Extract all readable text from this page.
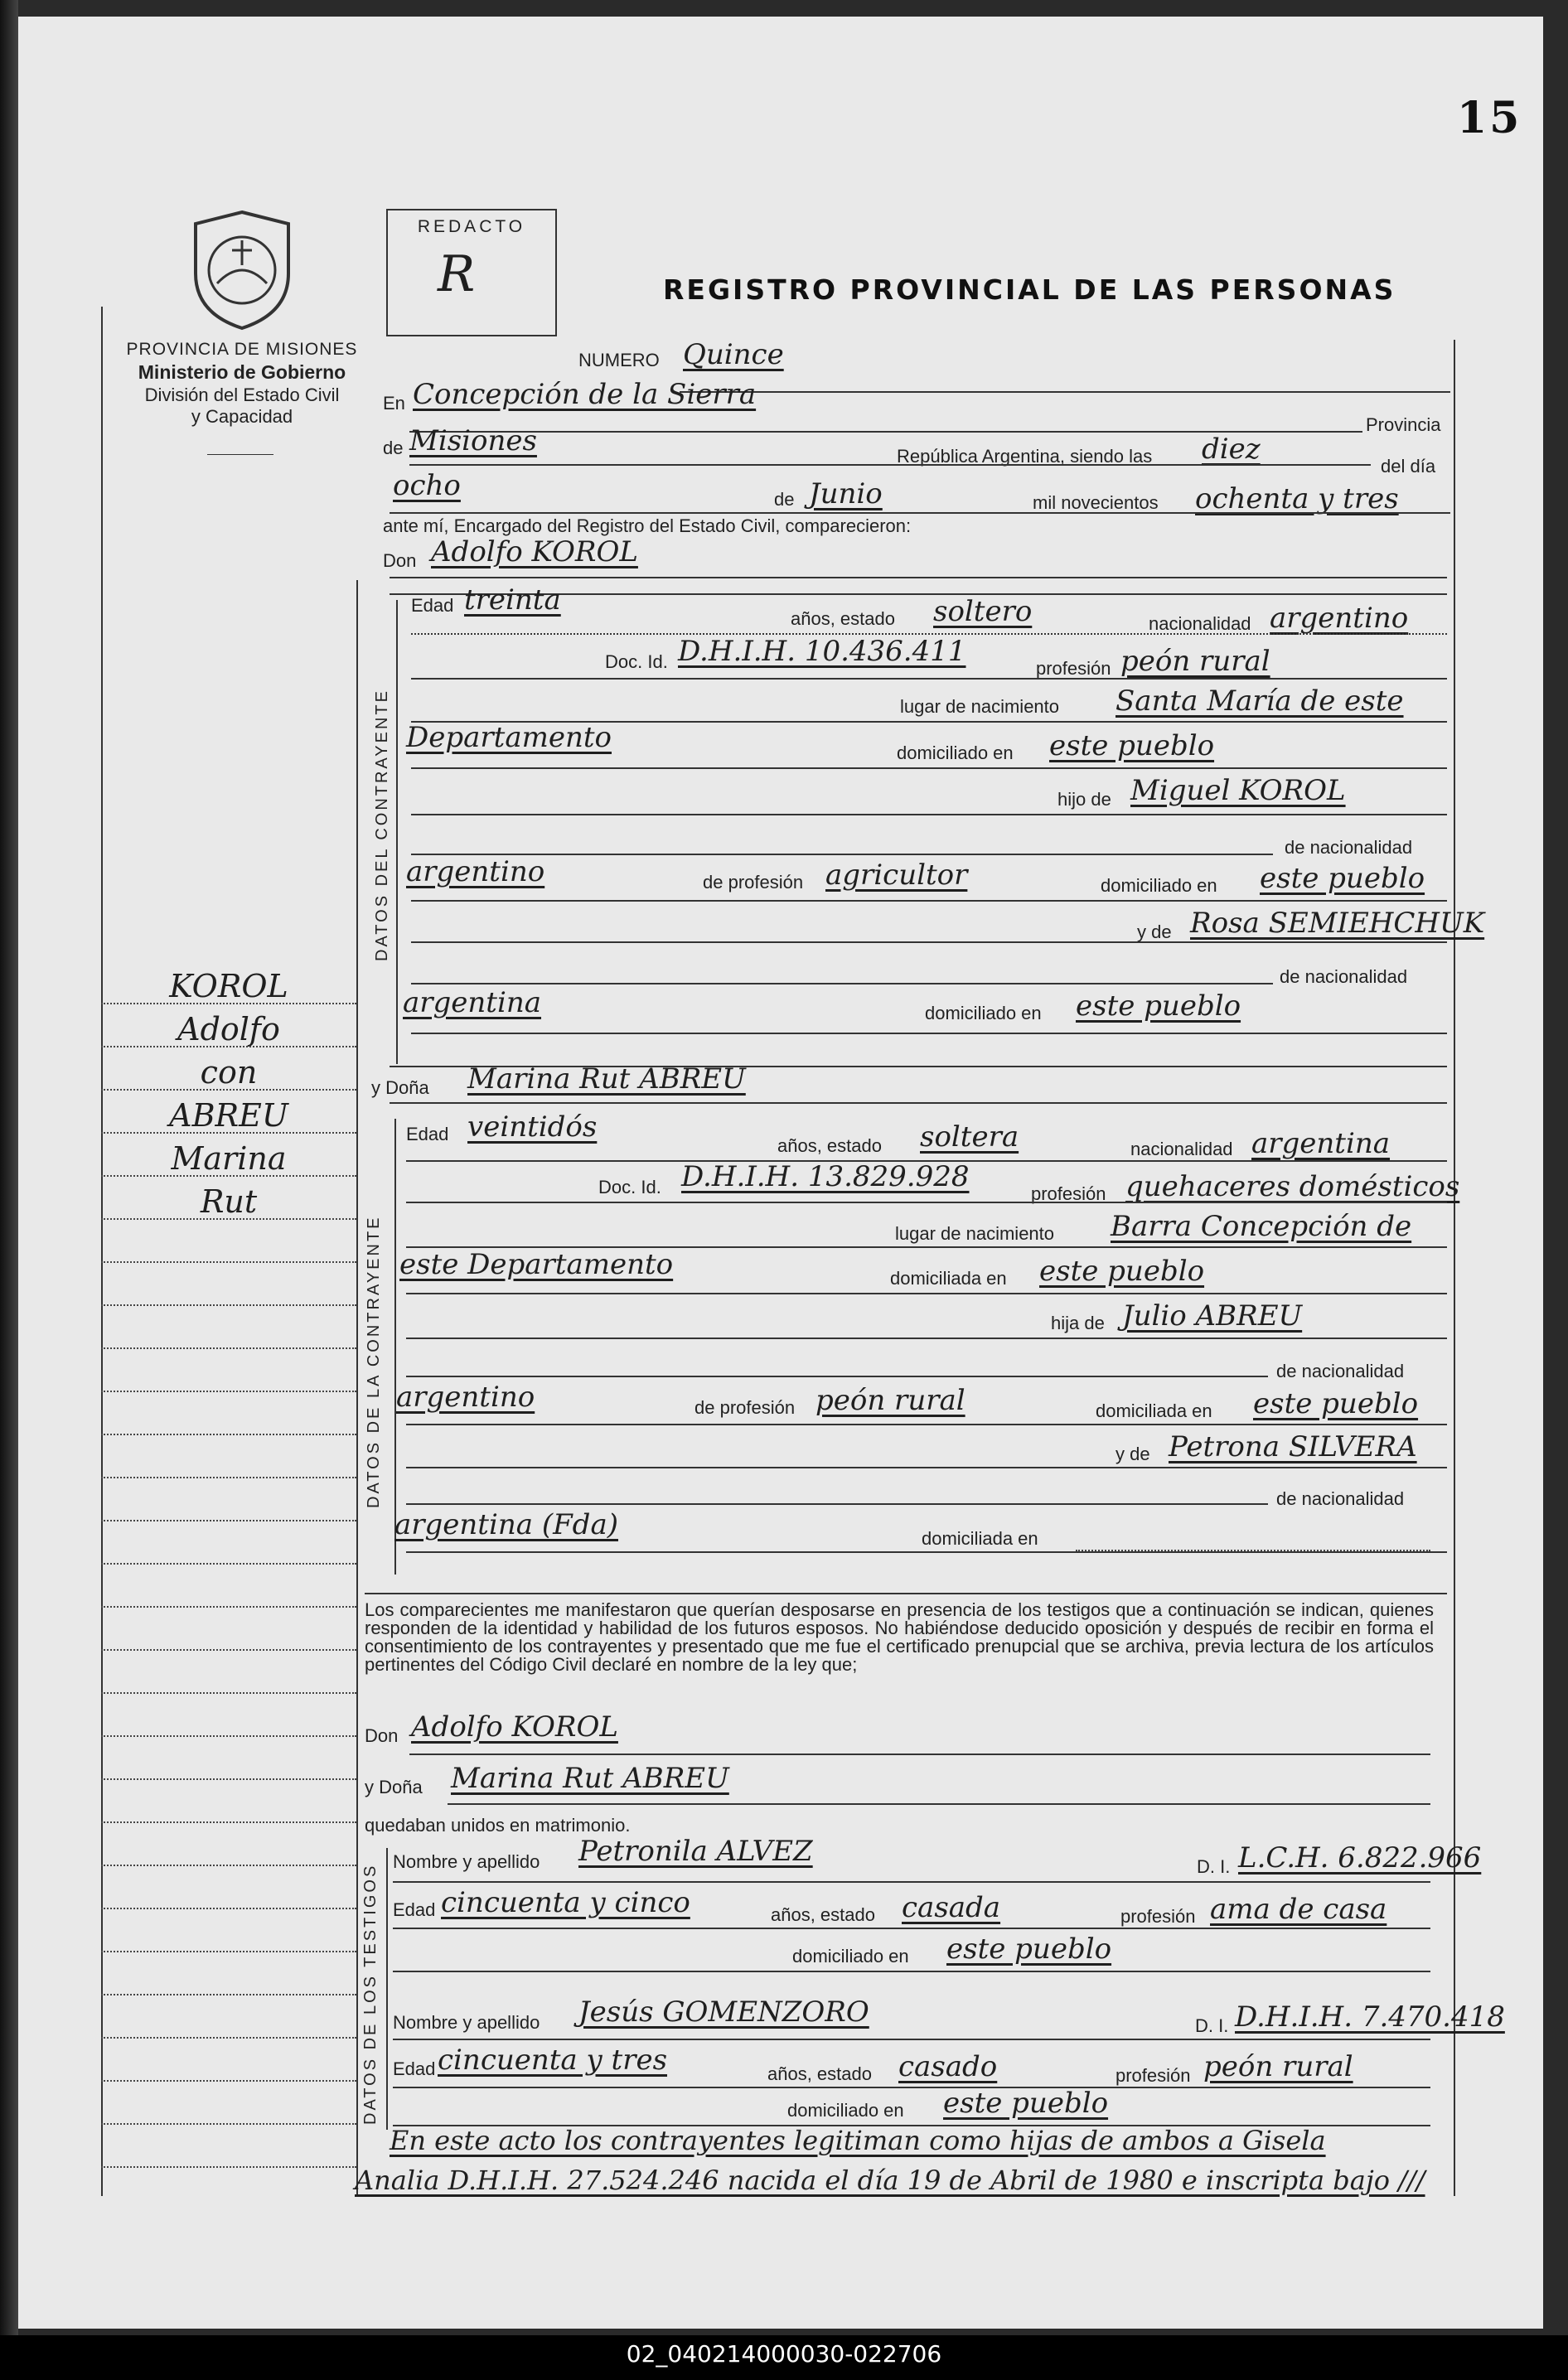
15
PROVINCIA DE MISIONES
Ministerio de Gobierno
División del Estado Civil
y Capacidad
KOROL
Adolfo
con
ABREU
Marina
Rut
REDACTO
R	REGISTRO PROVINCIAL DE LAS PERSONAS
NUMERO Quince
En Concepción de la Sierra
Provincia
de Misiones	República Argentina, siendo las diez
del día
ocho	de Junio	mil novecientos ochenta y tres
ante mí, Encargado del Registro del Estado Civil, comparecieron:
Don Adolfo KOROL
DATOS DEL CONTRAYENTE
Edad treinta
años, estado soltero	nacionalidad argentino
Doc. Id. D.H.I.H. 10.436.411
profesión peón rural
lugar de nacimiento Santa María de este
Departamento	domiciliado en este pueblo
hijo de Miguel KOROL
de nacionalidad
argentino	de profesión agricultor	domiciliado en este pueblo
y de Rosa SEMIEHCHUK
de nacionalidad
argentina	domiciliado en este pueblo
y Doña Marina Rut ABREU
DATOS DE LA CONTRAYENTE
Edad veintidós
años, estado soltera	nacionalidad argentina
Doc. Id. D.H.I.H. 13.829.928
profesión quehaceres domésticos
lugar de nacimiento Barra Concepción de
este Departamento	domiciliada en este pueblo
hija de Julio ABREU
de nacionalidad
argentino	de profesión peón rural	domiciliada en este pueblo
y de Petrona SILVERA
de nacionalidad
argentina (Fda)	domiciliada en
Los comparecientes me manifestaron que querían desposarse en presencia de los testigos que a continuación se indican, quienes responden de la identidad y habilidad de los futuros esposos. No habiéndose deducido oposición y después de recibir en forma el consentimiento de los contrayentes y presentado que me fue el certificado prenupcial que se archiva, previa lectura de los artículos pertinentes del Código Civil declaré en nombre de la ley que;
Don Adolfo KOROL
y Doña Marina Rut ABREU
quedaban unidos en matrimonio.
DATOS DE LOS TESTIGOS
Nombre y apellido Petronila ALVEZ	D. I. L.C.H. 6.822.966
Edad cincuenta y cinco	años, estado casada	profesión ama de casa
domiciliado en este pueblo
Nombre y apellido Jesús GOMENZORO	D. I. D.H.I.H. 7.470.418
Edad cincuenta y tres	años, estado casado	profesión peón rural
domiciliado en este pueblo
En este acto los contrayentes legitiman como hijas de ambos a Gisela
Analia D.H.I.H. 27.524.246 nacida el día 19 de Abril de 1980 e inscripta bajo ///
02_040214000030-022706
